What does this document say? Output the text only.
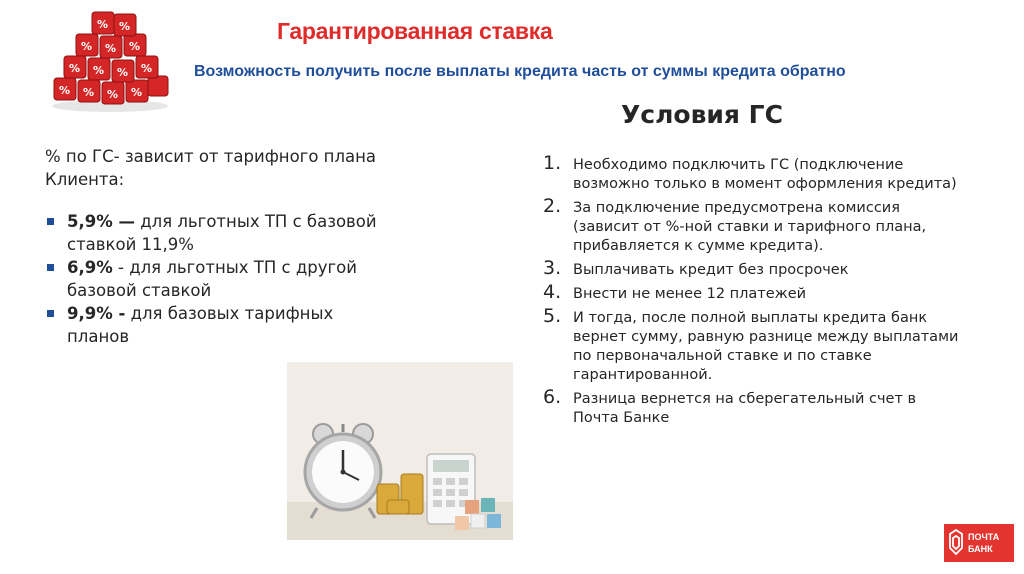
% % % %
% % % %
% % %
% %	Гарантированная ставка
Возможность получить после выплаты кредита часть от суммы кредита обратно
Условия ГС

% по ГС- зависит от тарифного плана Клиента:

5,9% — для льготных ТП с базовой ставкой 11,9%
6,9% - для льготных ТП с другой базовой ставкой
9,9% - для базовых тарифных планов
1. Необходимо подключить ГС (подключение возможно только в момент оформления кредита)
2. За подключение предусмотрена комиссия (зависит от %-ной ставки и тарифного плана, прибавляется к сумме кредита).
3. Выплачивать кредит без просрочек
4. Внести не менее 12 платежей
5. И тогда, после полной выплаты кредита банк вернет сумму, равную разнице между выплатами по первоначальной ставке и по ставке гарантированной.
6. Разница вернется на сберегательный счет в Почта Банке
ПОЧТА
БАНК
